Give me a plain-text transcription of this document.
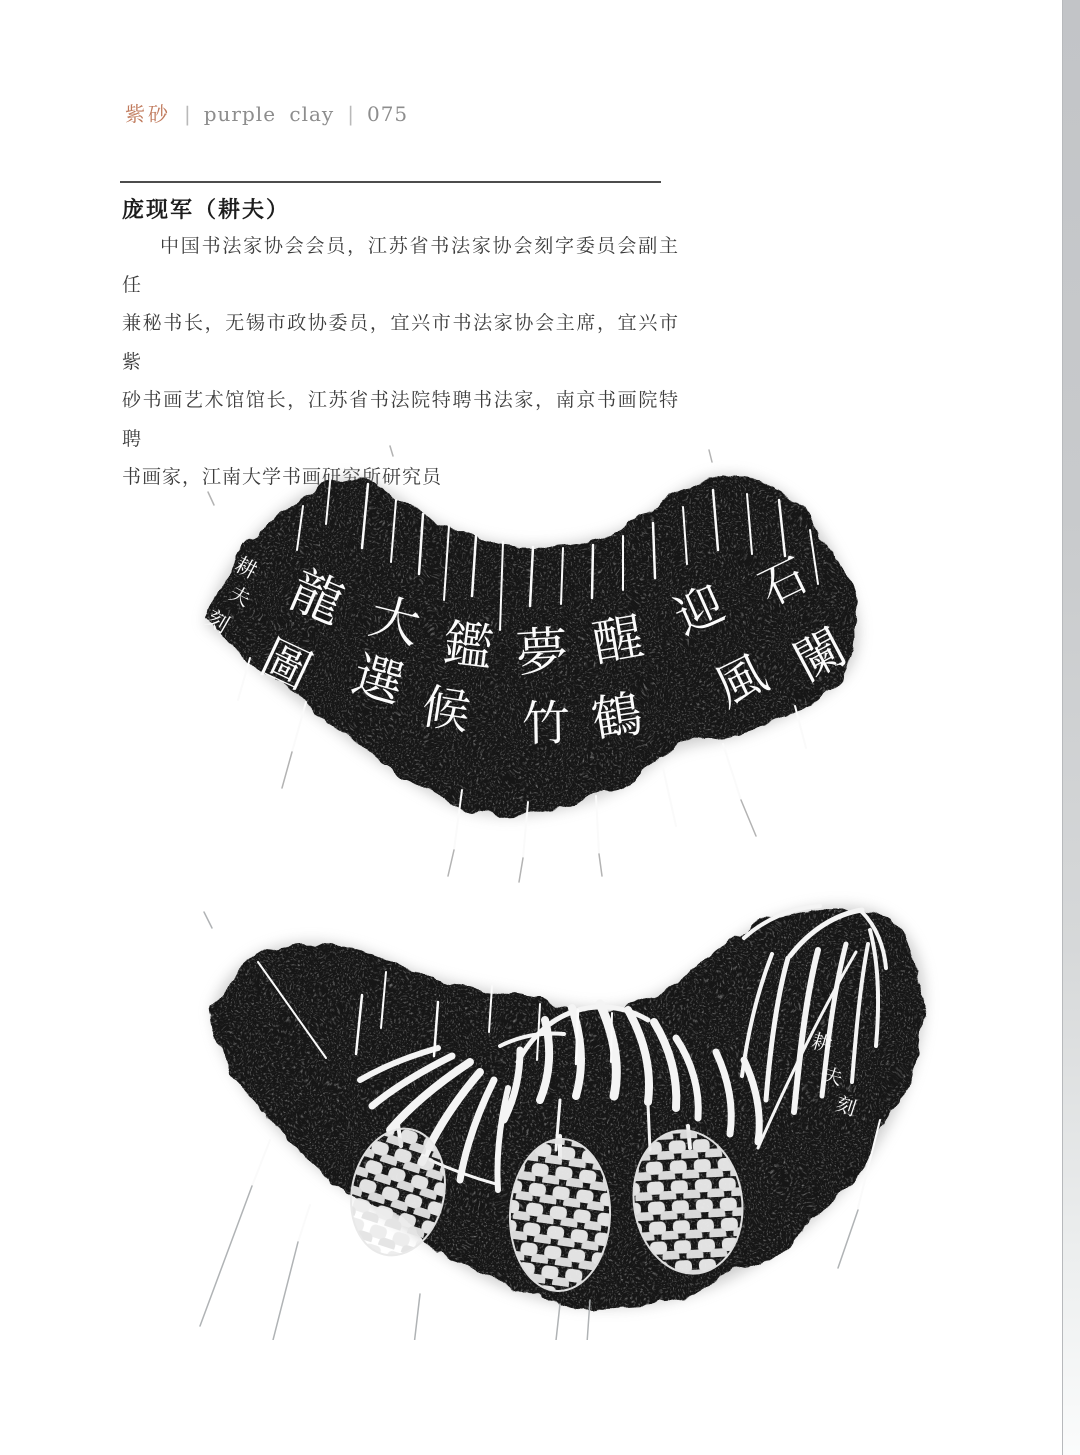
紫砂 | purple clay | 075
庞现军（耕夫）
中国书法家协会会员，江苏省书法家协会刻字委员会副主任
兼秘书长，无锡市政协委员，宜兴市书法家协会主席，宜兴市紫
砂书画艺术馆馆长，江苏省书法院特聘书法家，南京书画院特聘
书画家，江南大学书画研究所研究员
石
闌
迎
風
醒
鶴
夢
竹
鑑
候
大
選
龍
圖
耕
夫
刻
耕
夫
刻
